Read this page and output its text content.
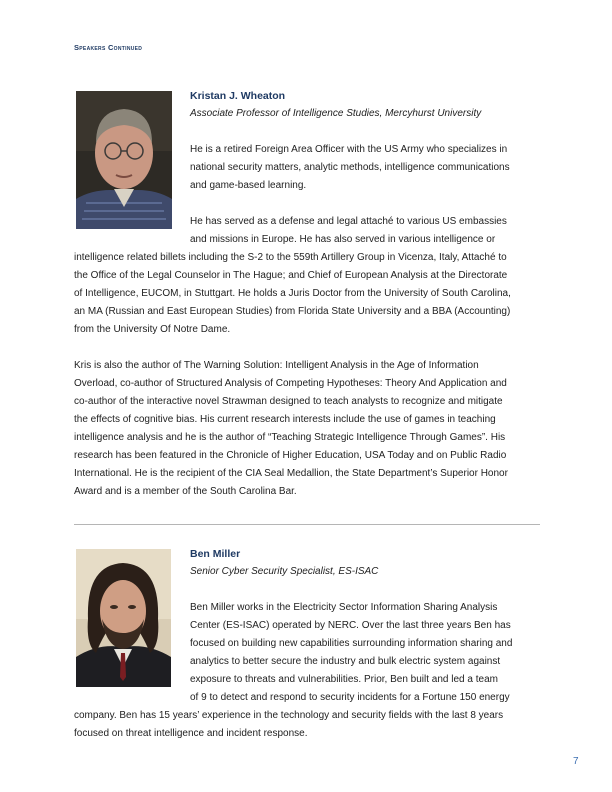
Speakers Continued
Kristan J. Wheaton
Associate Professor of Intelligence Studies, Mercyhurst University
He is a retired Foreign Area Officer with the US Army who specializes in
national security matters, analytic methods, intelligence communications
and game-based learning.
He has served as a defense and legal attaché to various US embassies
and missions in Europe. He has also served in various intelligence or
intelligence related billets including the S-2 to the 559th Artillery Group in Vicenza, Italy, Attaché to
the Office of the Legal Counselor in The Hague; and Chief of European Analysis at the Directorate
of Intelligence, EUCOM, in Stuttgart. He holds a Juris Doctor from the University of South Carolina,
an MA (Russian and East European Studies) from Florida State University and a BBA (Accounting)
from the University Of Notre Dame.
Kris is also the author of The Warning Solution: Intelligent Analysis in the Age of Information
Overload, co-author of Structured Analysis of Competing Hypotheses: Theory And Application and
co-author of the interactive novel Strawman designed to teach analysts to recognize and mitigate
the effects of cognitive bias. His current research interests include the use of games in teaching
intelligence analysis and he is the author of “Teaching Strategic Intelligence Through Games”. His
research has been featured in the Chronicle of Higher Education, USA Today and on Public Radio
International. He is the recipient of the CIA Seal Medallion, the State Department’s Superior Honor
Award and is a member of the South Carolina Bar.
Ben Miller
Senior Cyber Security Specialist, ES-ISAC
Ben Miller works in the Electricity Sector Information Sharing Analysis
Center (ES-ISAC) operated by NERC. Over the last three years Ben has
focused on building new capabilities surrounding information sharing and
analytics to better secure the industry and bulk electric system against
exposure to threats and vulnerabilities. Prior, Ben built and led a team
of 9 to detect and respond to security incidents for a Fortune 150 energy
company. Ben has 15 years’ experience in the technology and security fields with the last 8 years
focused on threat intelligence and incident response.
7
